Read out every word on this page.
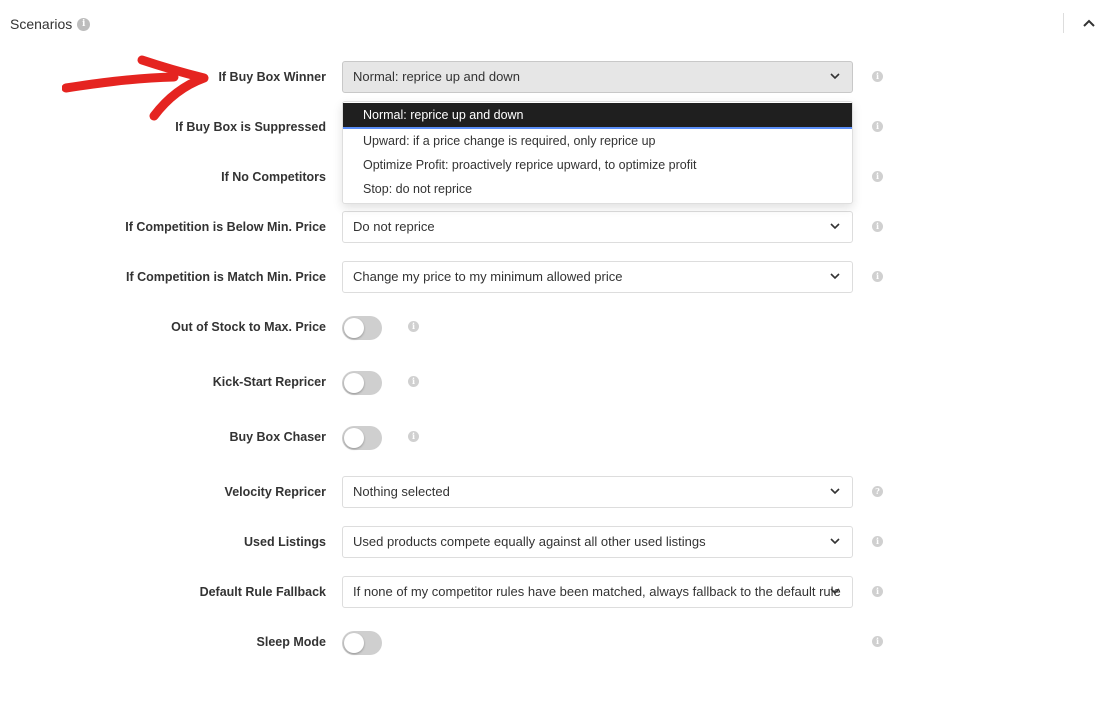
Scenarios	i
If Buy Box Winner	Normal: reprice up and down	i
If Buy Box is Suppressed	i
If No Competitors	i
If Competition is Below Min. Price	Do not reprice	i
If Competition is Match Min. Price	Change my price to my minimum allowed price	i
Out of Stock to Max. Price	i
Kick-Start Repricer	i
Buy Box Chaser	i
Velocity Repricer	Nothing selected	?
Used Listings	Used products compete equally against all other used listings	i
Default Rule Fallback	If none of my competitor rules have been matched, always fallback to the default rule	i
Sleep Mode	i
Normal: reprice up and down
Upward: if a price change is required, only reprice up
Optimize Profit: proactively reprice upward, to optimize profit
Stop: do not reprice
